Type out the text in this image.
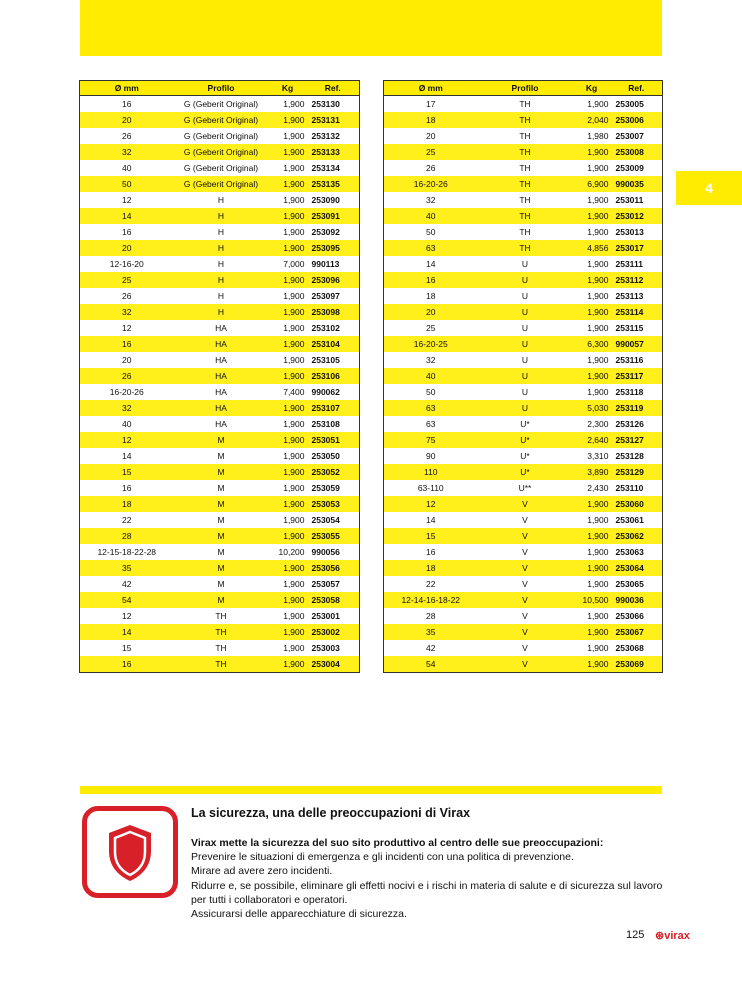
Ø mm	Profilo	Kg	Ref.
16	G (Geberit Original)	1,900	253130
20	G (Geberit Original)	1,900	253131
26	G (Geberit Original)	1,900	253132
32	G (Geberit Original)	1,900	253133
40	G (Geberit Original)	1,900	253134
50	G (Geberit Original)	1,900	253135
12	H	1,900	253090
14	H	1,900	253091
16	H	1,900	253092
20	H	1,900	253095
12-16-20	H	7,000	990113
25	H	1,900	253096
26	H	1,900	253097
32	H	1,900	253098
12	HA	1,900	253102
16	HA	1,900	253104
20	HA	1,900	253105
26	HA	1,900	253106
16-20-26	HA	7,400	990062
32	HA	1,900	253107
40	HA	1,900	253108
12	M	1,900	253051
14	M	1,900	253050
15	M	1,900	253052
16	M	1,900	253059
18	M	1,900	253053
22	M	1,900	253054
28	M	1,900	253055
12-15-18-22-28	M	10,200	990056
35	M	1,900	253056
42	M	1,900	253057
54	M	1,900	253058
12	TH	1,900	253001
14	TH	1,900	253002
15	TH	1,900	253003
16	TH	1,900	253004
Ø mm	Profilo	Kg	Ref.
17	TH	1,900	253005
18	TH	2,040	253006
20	TH	1,980	253007
25	TH	1,900	253008
26	TH	1,900	253009
16-20-26	TH	6,900	990035
32	TH	1,900	253011
40	TH	1,900	253012
50	TH	1,900	253013
63	TH	4,856	253017
14	U	1,900	253111
16	U	1,900	253112
18	U	1,900	253113
20	U	1,900	253114
25	U	1,900	253115
16-20-25	U	6,300	990057
32	U	1,900	253116
40	U	1,900	253117
50	U	1,900	253118
63	U	5,030	253119
63	U*	2,300	253126
75	U*	2,640	253127
90	U*	3,310	253128
110	U*	3,890	253129
63-110	U**	2,430	253110
12	V	1,900	253060
14	V	1,900	253061
15	V	1,900	253062
16	V	1,900	253063
18	V	1,900	253064
22	V	1,900	253065
12-14-16-18-22	V	10,500	990036
28	V	1,900	253066
35	V	1,900	253067
42	V	1,900	253068
54	V	1,900	253069
4
La sicurezza, una delle preoccupazioni di Virax

Virax mette la sicurezza del suo sito produttivo al centro delle sue preoccupazioni:

Prevenire le situazioni di emergenza e gli incidenti con una politica di prevenzione.

Mirare ad avere zero incidenti.

Ridurre e, se possibile, eliminare gli effetti nocivi e i rischi in materia di salute e di sicurezza sul lavoro per tutti i collaboratori e operatori.

Assicurarsi delle apparecchiature di sicurezza.

125 ⊛virax
